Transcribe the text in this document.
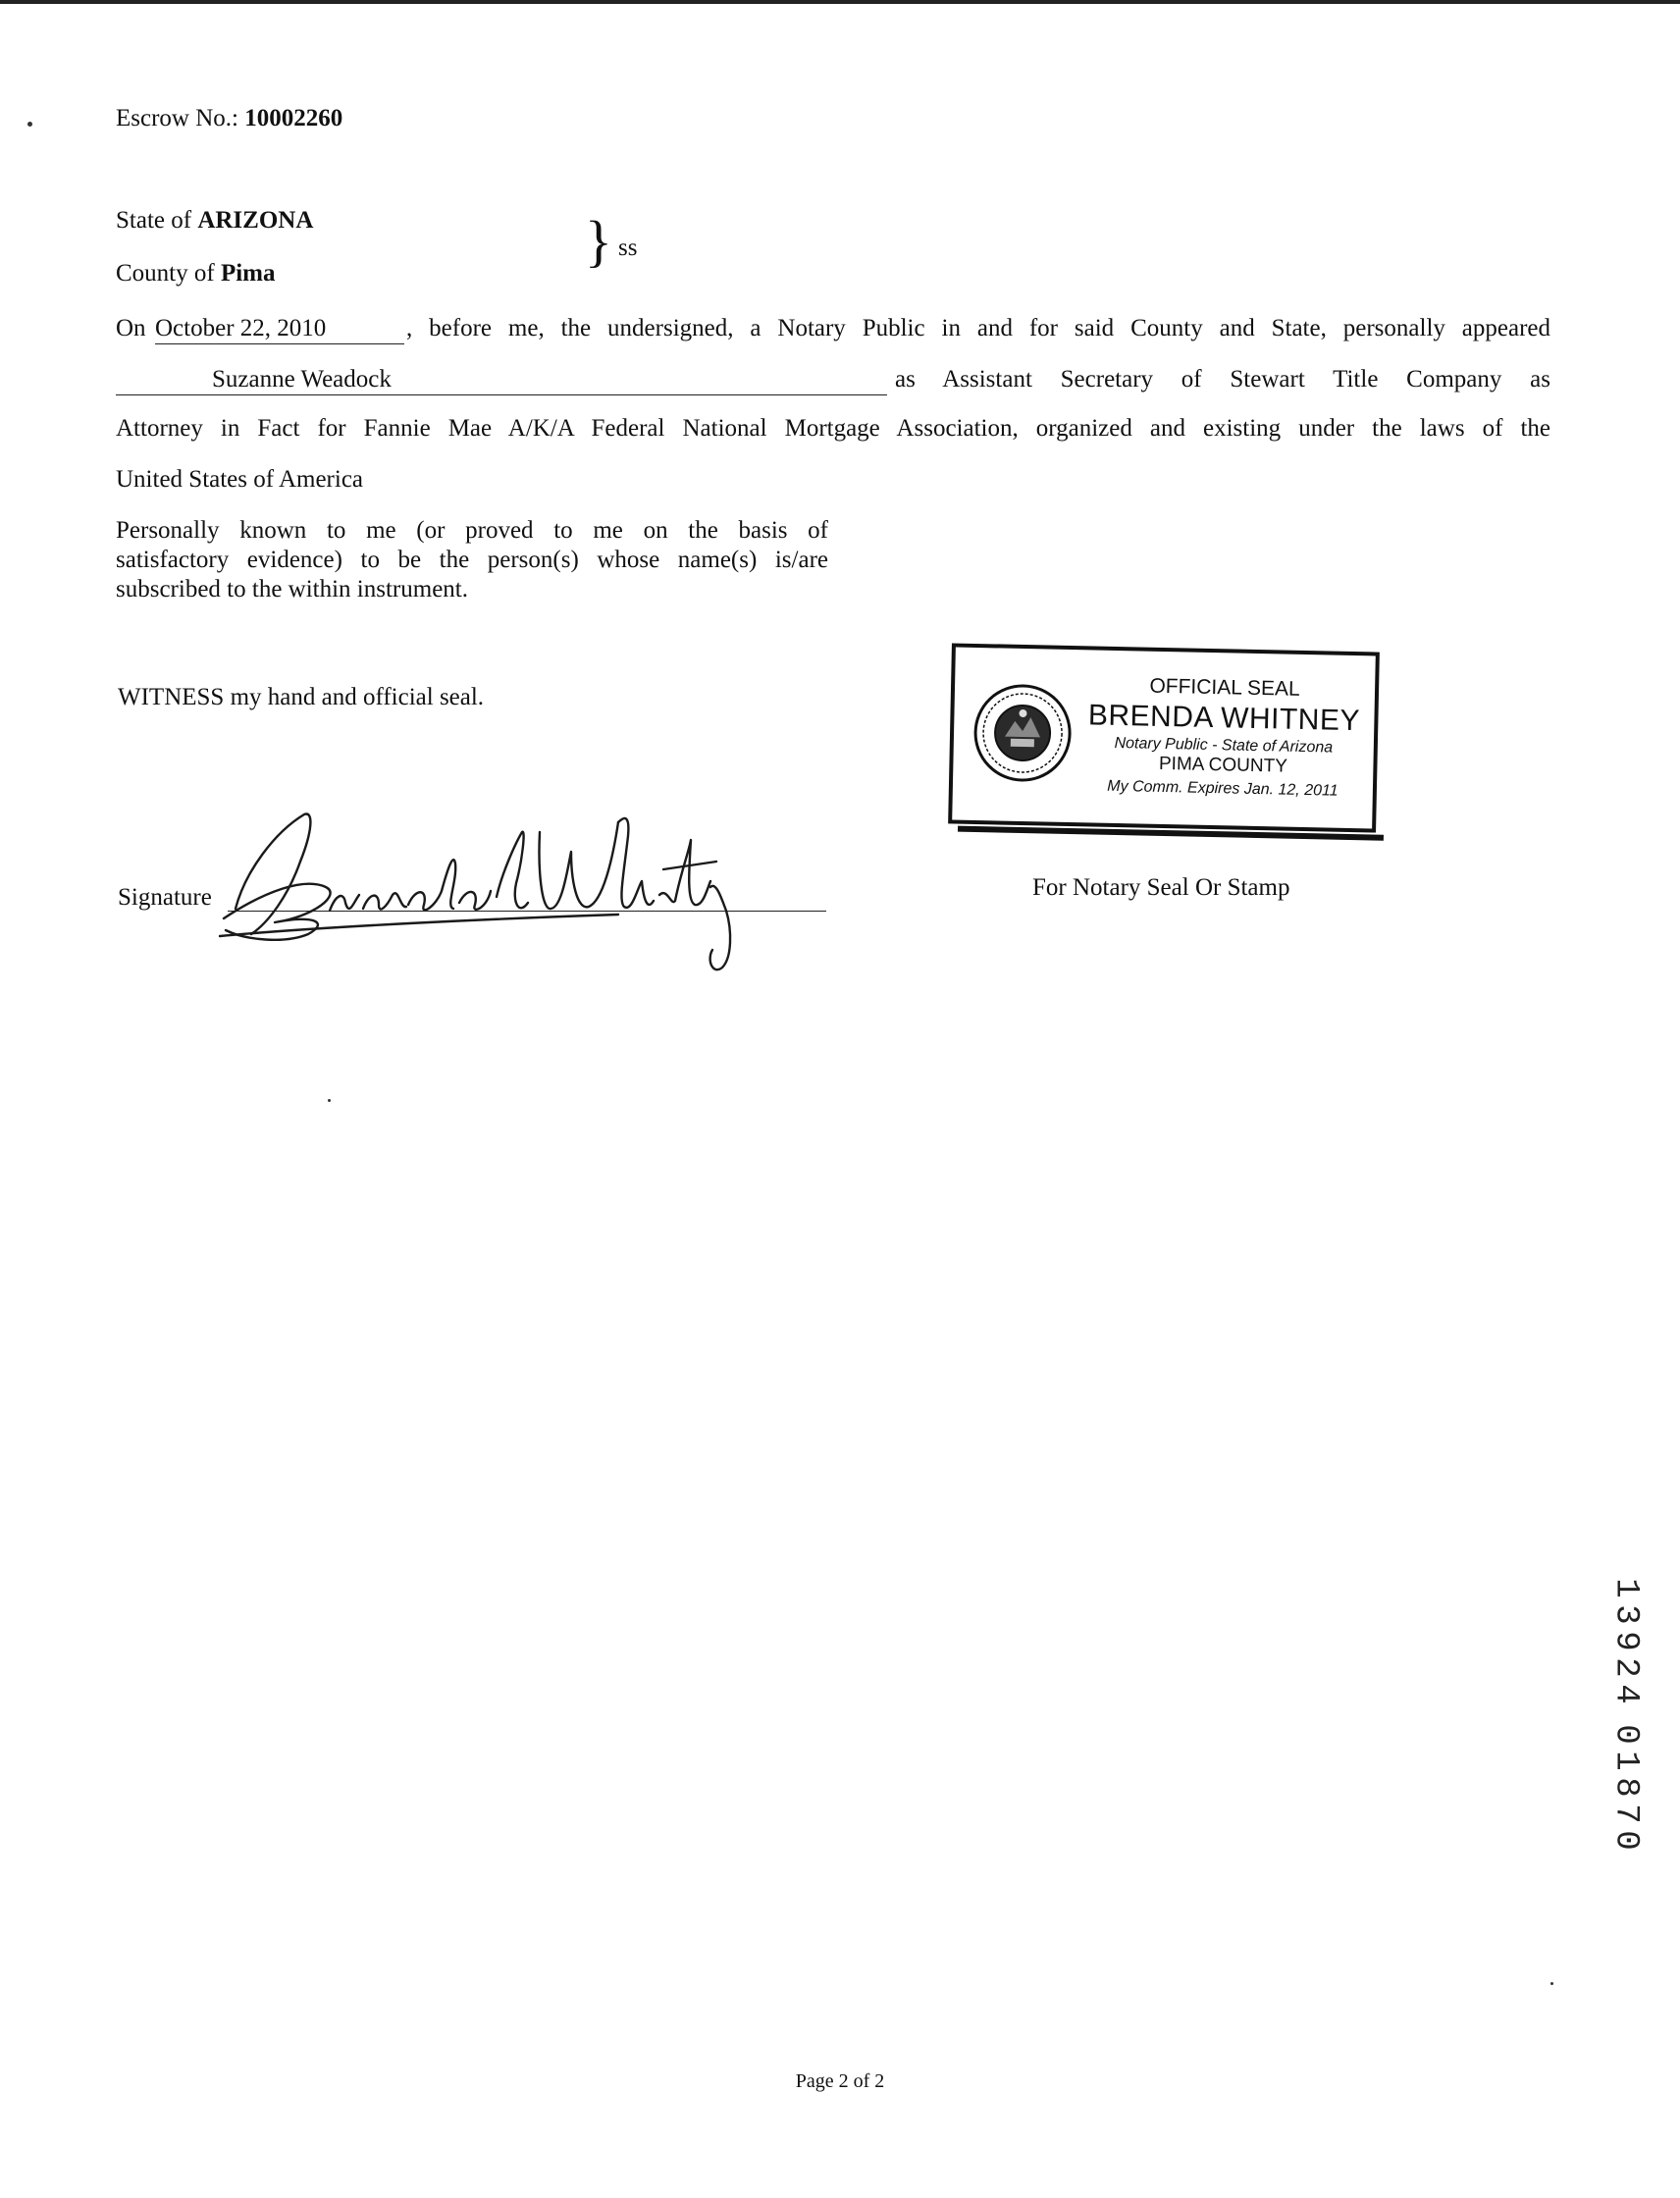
Escrow No.: 10002260
State of ARIZONA
County of Pima
} ss
On October 22, 2010	, before me, the undersigned, a Notary Public in and for said County and State, personally appeared
Suzanne Weadock	as Assistant Secretary of Stewart Title Company as
Attorney in Fact for Fannie Mae A/K/A Federal National Mortgage Association, organized and existing under the laws of the
United States of America
Personally known to me (or proved to me on the basis of
satisfactory evidence) to be the person(s) whose name(s) is/are
subscribed to the within instrument.
WITNESS my hand and official seal.
Signature
OFFICIAL SEAL
BRENDA WHITNEY
Notary Public - State of Arizona
PIMA COUNTY
My Comm. Expires Jan. 12, 2011
For Notary Seal Or Stamp
1
3
9
2
4
0
1
8
7
0
Page 2 of 2
